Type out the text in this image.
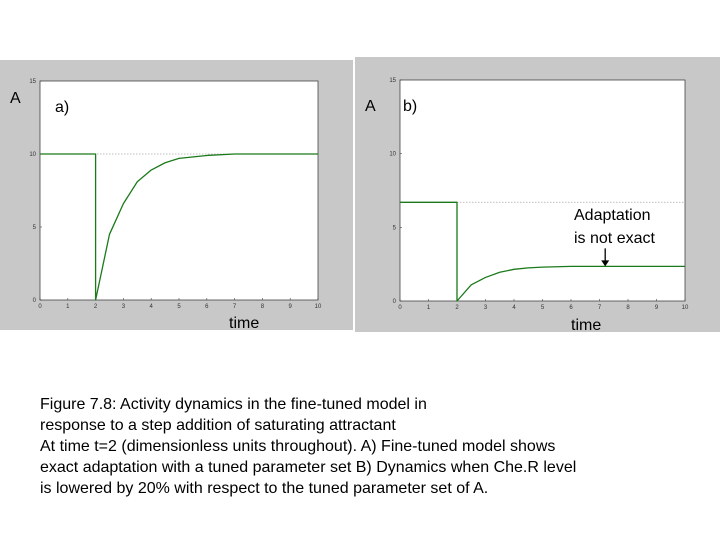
0	1	2	3	4	5	6	7	8	9	10
0
5
10
15
0	1	2	3	4	5	6	7	8	9	10
0
5
10
15
A
a)	A b)
time	time
Adaptation
is not exact
Figure 7.8: Activity dynamics in the fine-tuned model in
response to a step addition of saturating attractant
At time t=2 (dimensionless units throughout). A) Fine-tuned model shows
exact adaptation with a tuned parameter set B) Dynamics when Che.R level
is lowered by 20% with respect to the tuned parameter set of A.
